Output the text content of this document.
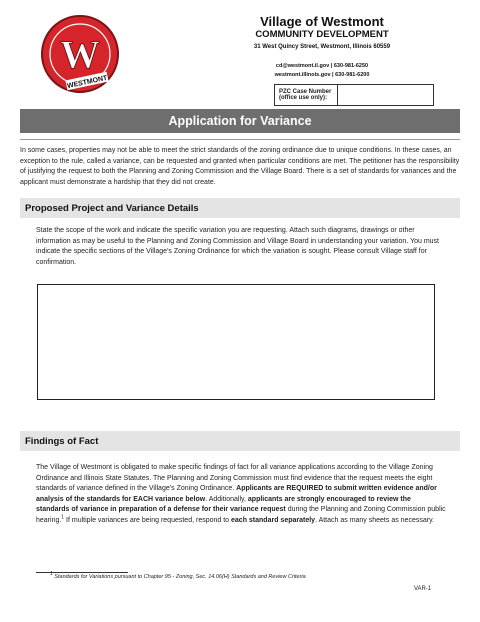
W
WESTMONT
Village of Westmont
COMMUNITY DEVELOPMENT
31 West Quincy Street, Westmont, Illinois 60559
cd@westmont.il.gov | 630-981-6250
westmont.illinois.gov | 630-981-6200
PZC Case Number (office use only):
Application for Variance
In some cases, properties may not be able to meet the strict standards of the zoning ordinance due to unique conditions. In these cases, an exception to the rule, called a variance, can be requested and granted when particular conditions are met. The petitioner has the responsibility of justifying the request to both the Planning and Zoning Commission and the Village Board. There is a set of standards for variances and the applicant must demonstrate a hardship that they did not create.
Proposed Project and Variance Details
State the scope of the work and indicate the specific variation you are requesting. Attach such diagrams, drawings or other information as may be useful to the Planning and Zoning Commission and Village Board in understanding your variation. You must indicate the specific sections of the Village’s Zoning Ordinance for which the variation is sought. Please consult Village staff for confirmation.
Findings of Fact
The Village of Westmont is obligated to make specific findings of fact for all variance applications according to the Village Zoning Ordinance and Illinois State Statutes. The Planning and Zoning Commission must find evidence that the request meets the eight standards of variance defined in the Village’s Zoning Ordinance. Applicants are REQUIRED to submit written evidence and/or analysis of the standards for EACH variance below. Additionally, applicants are strongly encouraged to review the standards of variance in preparation of a defense for their variance request during the Planning and Zoning Commission public hearing.$^1$ If multiple variances are being requested, respond to each standard separately. Attach as many sheets as necessary.
$^1$ Standards for Variations pursuant to Chapter 95 - Zoning, Sec. 14.06(H) Standards and Review Criteria
VAR-1
